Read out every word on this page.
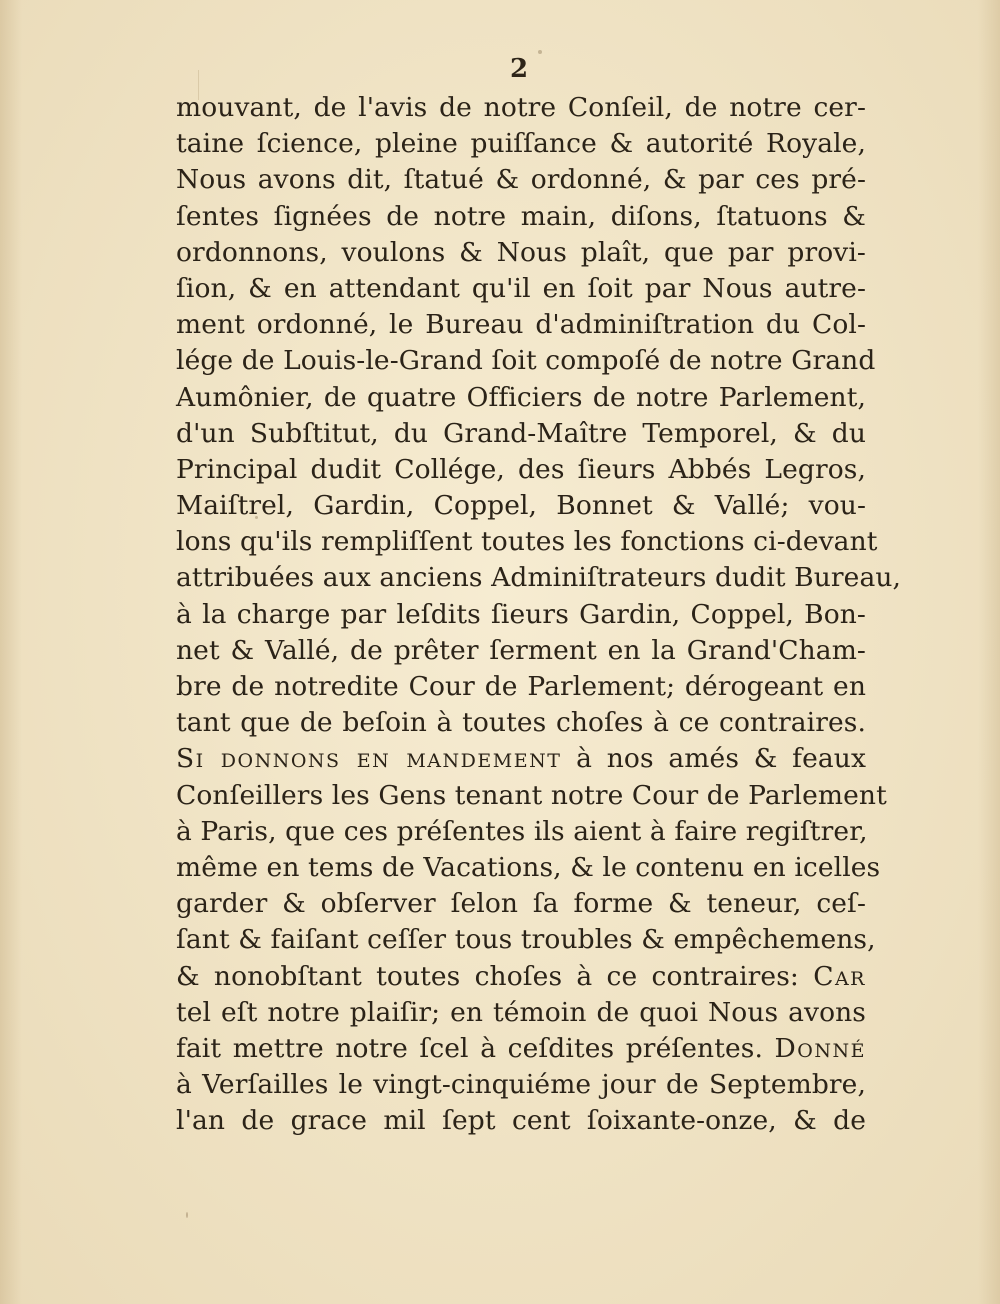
2
mouvant, de l'avis de notre Conſeil, de notre cer-
taine ſcience, pleine puiſſance & autorité Royale,
Nous avons dit, ſtatué & ordonné, & par ces pré-
ſentes ſignées de notre main, diſons, ſtatuons &
ordonnons, voulons & Nous plaît, que par provi-
ſion, & en attendant qu'il en ſoit par Nous autre-
ment ordonné, le Bureau d'adminiſtration du Col-
lége de Louis-le-Grand ſoit compoſé de notre Grand
Aumônier, de quatre Officiers de notre Parlement,
d'un Subſtitut, du Grand-Maître Temporel, & du
Principal dudit Collége, des ſieurs Abbés Legros,
Maiſtrel, Gardin, Coppel, Bonnet & Vallé; vou-
lons qu'ils rempliſſent toutes les fonctions ci-devant
attribuées aux anciens Adminiſtrateurs dudit Bureau,
à la charge par leſdits ſieurs Gardin, Coppel, Bon-
net & Vallé, de prêter ſerment en la Grand'Cham-
bre de notredite Cour de Parlement; dérogeant en
tant que de beſoin à toutes choſes à ce contraires.
Si donnons en mandement à nos amés & feaux
Conſeillers les Gens tenant notre Cour de Parlement
à Paris, que ces préſentes ils aient à faire regiſtrer,
même en tems de Vacations, & le contenu en icelles
garder & obſerver ſelon ſa forme & teneur, ceſ-
ſant & faiſant ceſſer tous troubles & empêchemens,
& nonobſtant toutes choſes à ce contraires: Car
tel eſt notre plaiſir; en témoin de quoi Nous avons
fait mettre notre ſcel à ceſdites préſentes. Donné
à Verſailles le vingt-cinquiéme jour de Septembre,
l'an de grace mil ſept cent ſoixante-onze, & de
